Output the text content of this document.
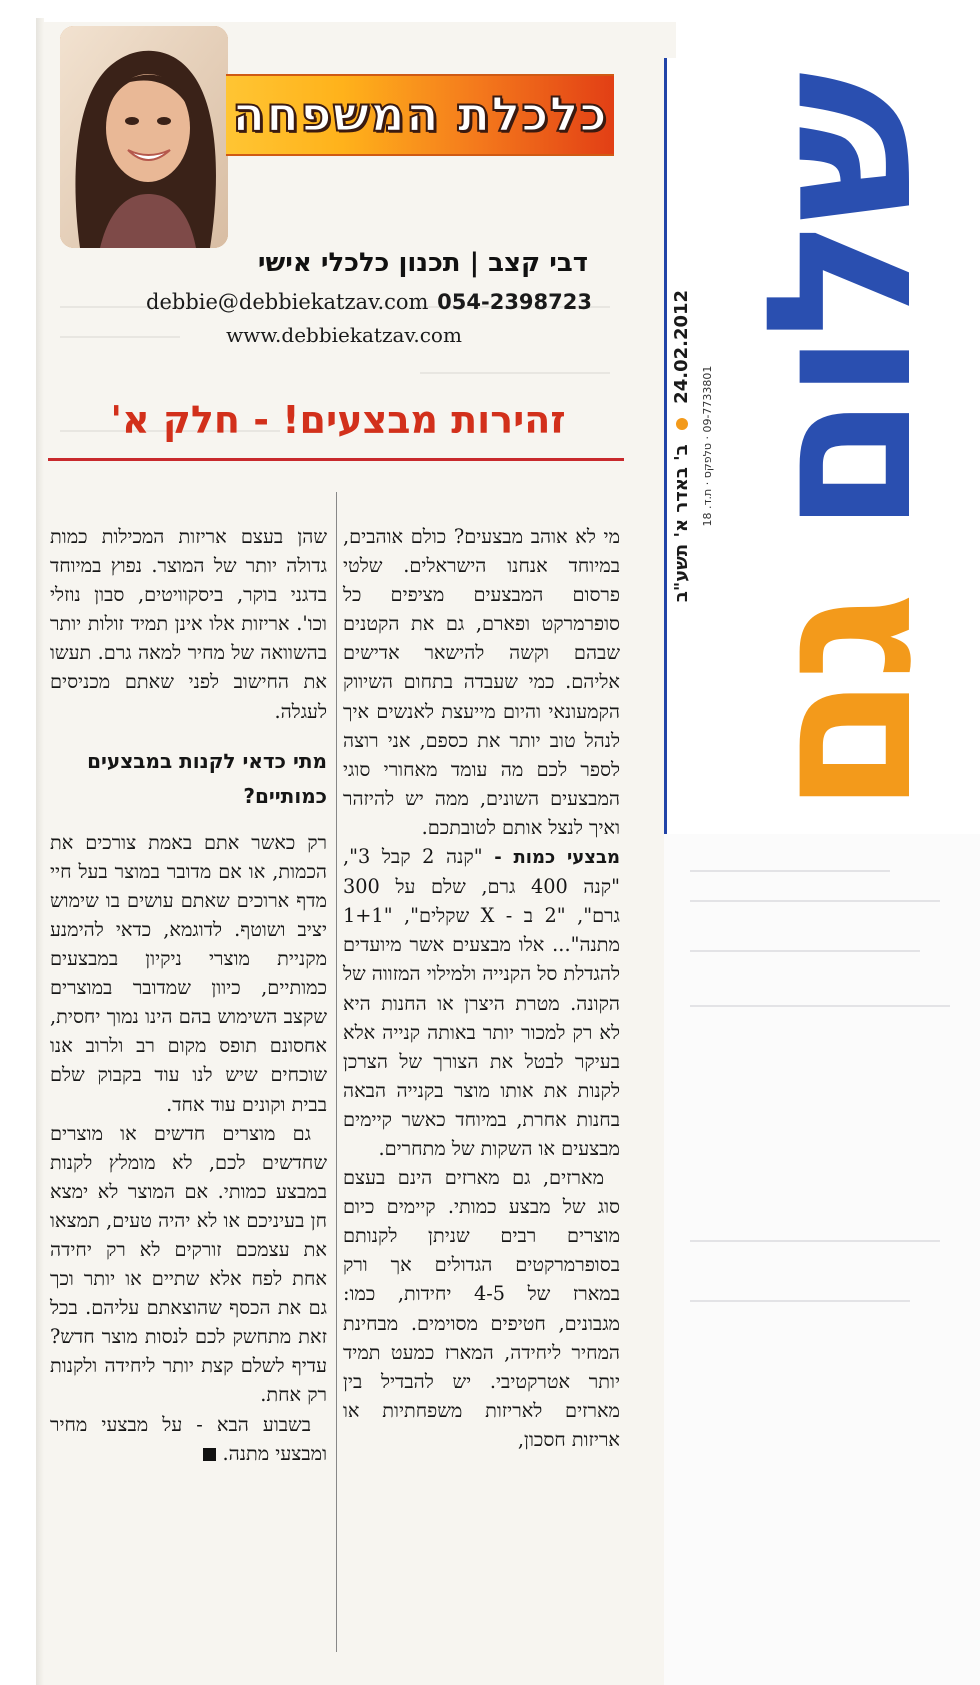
כלכלת המשפחה
דבי קצב | תכנון כלכלי אישי
debbie@debbiekatzav.com 054-2398723
www.debbiekatzav.com
זהירות מבצעים! - חלק א'

מי לא אוהב מבצעים? כולם אוהבים, במיוחד אנחנו הישראלים. שלטי פרסום המבצעים מציפים כל סופרמרקט ופארם, גם את הקטנים שבהם וקשה להישאר אדישים אליהם. כמי שעבדה בתחום השיווק הקמעונאי והיום מייעצת לאנשים איך לנהל טוב יותר את כספם, אני רוצה לספר לכם מה עומד מאחורי סוגי המבצעים השונים, ממה יש להיזהר ואיך לנצל אותם לטובתכם.

מבצעי כמות - "קנה 2 קבל 3", "קנה 400 גרם, שלם על 300 גרם", "2 ב - X שקלים", "1+1 מתנה"... אלו מבצעים אשר מיועדים להגדלת סל הקנייה ולמילוי המזווה של הקונה. מטרת היצרן או החנות היא לא רק למכור יותר באותה קנייה אלא בעיקר לבטל את הצורך של הצרכן לקנות את אותו מוצר בקנייה הבאה בחנות אחרת, במיוחד כאשר קיימים מבצעים או השקות של מתחרים.

מארזים, גם מארזים הינם בעצם סוג של מבצע כמותי. קיימים כיום מוצרים רבים שניתן לקנותם בסופרמרקטים הגדולים אך ורק במארז של 4-5 יחידות, כמו: מגבונים, חטיפים מסוימים. מבחינת המחיר ליחידה, המארז כמעט תמיד יותר אטרקטיבי. יש להבדיל בין מארזים לאריזות משפחתיות או אריזות חסכון,

שהן בעצם אריזות המכילות כמות גדולה יותר של המוצר. נפוץ במיוחד בדגני בוקר, ביסקוויטים, סבון נוזלי וכו'. אריזות אלו אינן תמיד זולות יותר בהשוואה של מחיר למאה גרם. תעשו את החישוב לפני שאתם מכניסים לעגלה.

מתי כדאי לקנות במבצעים כמותיים?

רק כאשר אתם באמת צורכים את הכמות, או אם מדובר במוצר בעל חיי מדף ארוכים שאתם עושים בו שימוש יציב ושוטף. לדוגמא, כדאי להימנע מקניית מוצרי ניקיון במבצעים כמותיים, כיוון שמדובר במוצרים שקצב השימוש בהם הינו נמוך יחסית, אחסונם תופס מקום רב ולרוב אנו שוכחים שיש לנו עוד בקבוק שלם בבית וקונים עוד אחד.

גם מוצרים חדשים או מוצרים שחדשים לכם, לא מומלץ לקנות במבצע כמותי. אם המוצר לא ימצא חן בעיניכם או לא יהיה טעים, תמצאו את עצמכם זורקים לא רק יחידה אחת לפח אלא שתיים או יותר וכך גם את הכסף שהוצאתם עליהם. בכל זאת מתחשק לכם לנסות מוצר חדש? עדיף לשלם קצת יותר ליחידה ולקנות רק אחת.

בשבוע הבא - על מבצעי מחיר ומבצעי מתנה.

24.02.2012  ב' באדר א' תשע"ב 09-7733801 · טלפקס · ת.ד. 18 שלום גם
